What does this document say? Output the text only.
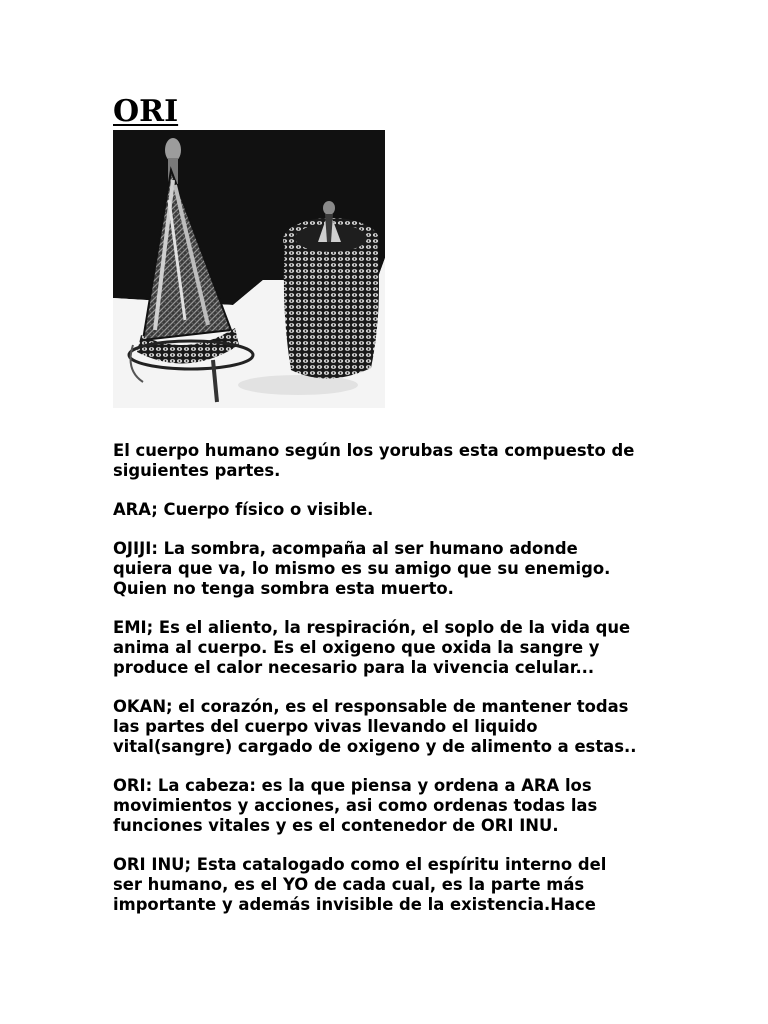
ORI

El cuerpo humano según los yorubas esta compuesto de
siguientes partes.

ARA; Cuerpo físico o visible.

OJIJI: La sombra, acompaña al ser humano adonde
quiera que va, lo mismo es su amigo que su enemigo.
Quien no tenga sombra esta muerto.

EMI; Es el aliento, la respiración, el soplo de la vida que
anima al cuerpo. Es el oxigeno que oxida la sangre y
produce el calor necesario para la vivencia celular...

OKAN; el corazón, es el responsable de mantener todas
las partes del cuerpo vivas llevando el liquido
vital(sangre) cargado de oxigeno y de alimento a estas..

ORI: La cabeza: es la que piensa y ordena a ARA los
movimientos y acciones, asi como ordenas todas las
funciones vitales y es el contenedor de ORI INU.

ORI INU; Esta catalogado como el espíritu interno del
ser humano, es el YO de cada cual, es la parte más
importante y además invisible de la existencia.Hace
